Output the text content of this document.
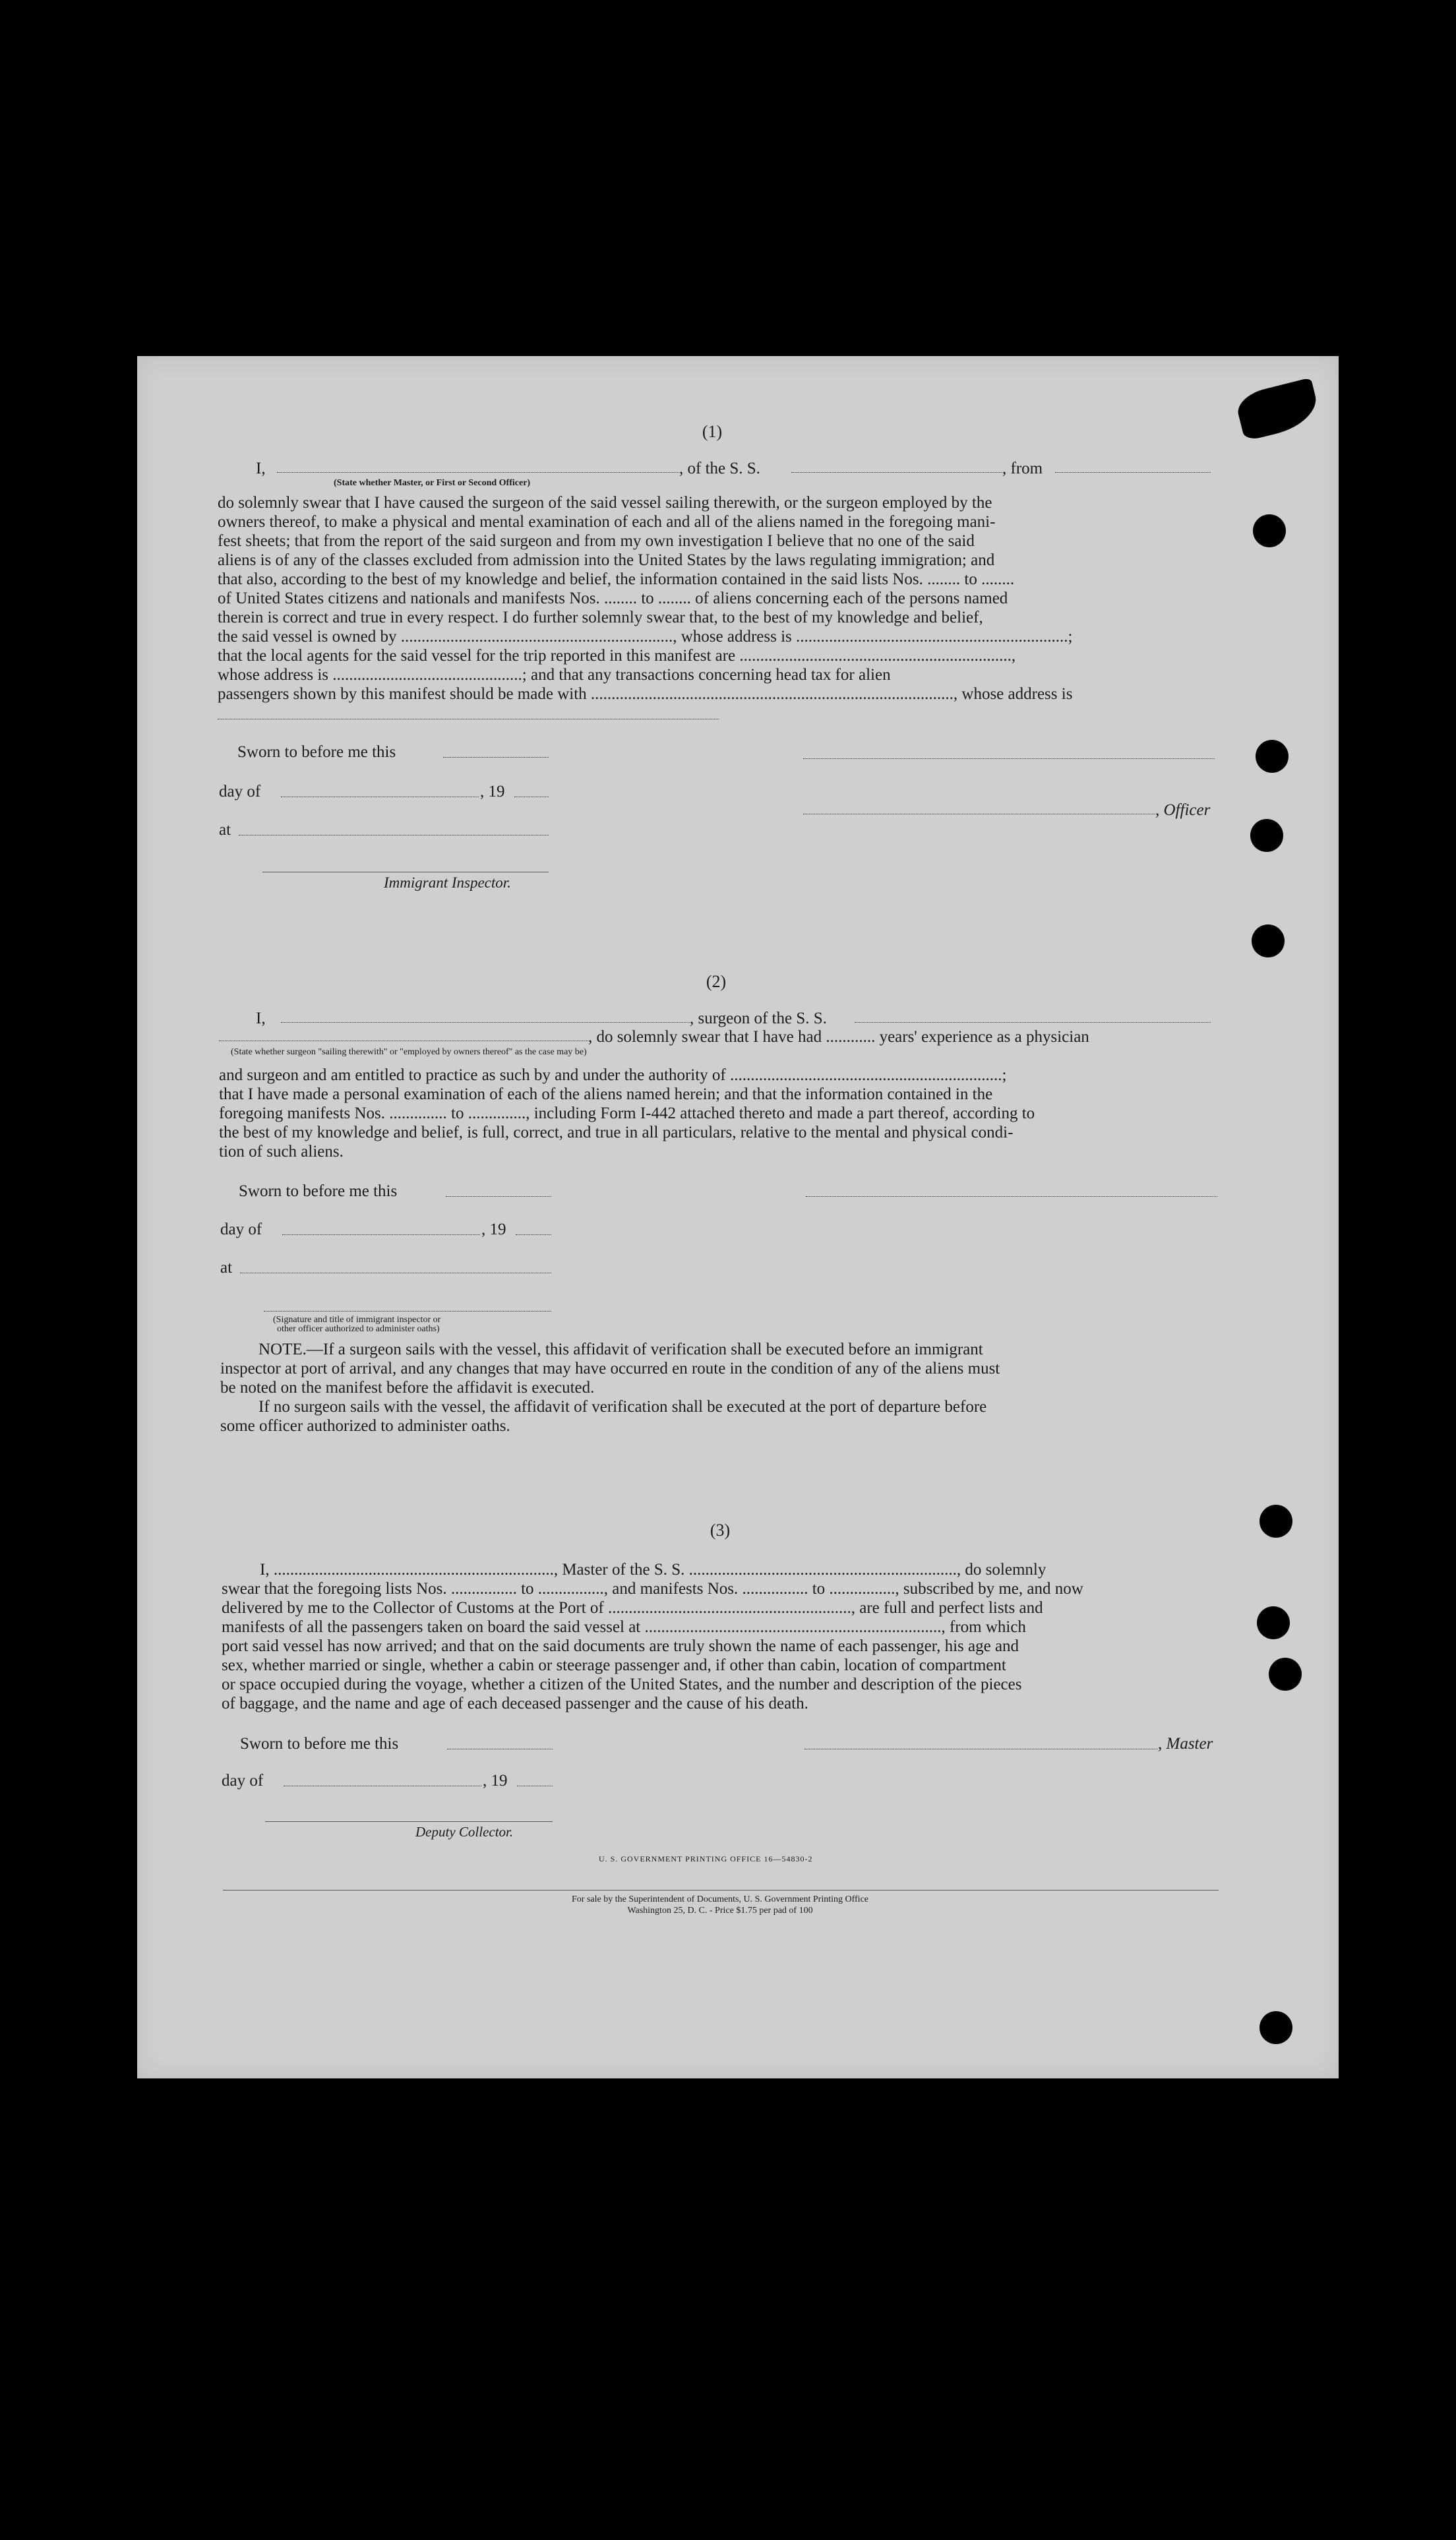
(1)
I,	, of the S. S.	, from
(State whether Master, or First or Second Officer)
do solemnly swear that I have caused the surgeon of the said vessel sailing therewith, or the surgeon employed by the
owners thereof, to make a physical and mental examination of each and all of the aliens named in the foregoing mani-
fest sheets; that from the report of the said surgeon and from my own investigation I believe that no one of the said
aliens is of any of the classes excluded from admission into the United States by the laws regulating immigration; and
that also, according to the best of my knowledge and belief, the information contained in the said lists Nos. ........ to ........
of United States citizens and nationals and manifests Nos. ........ to ........ of aliens concerning each of the persons named
therein is correct and true in every respect. I do further solemnly swear that, to the best of my knowledge and belief,
the said vessel is owned by .................................................................., whose address is ..................................................................;
that the local agents for the said vessel for the trip reported in this manifest are ..................................................................,
whose address is ..............................................; and that any transactions concerning head tax for alien
passengers shown by this manifest should be made with ........................................................................................, whose address is
Sworn to before me this
day of	, 19
, Officer
at
Immigrant Inspector.
(2)
I,	, surgeon of the S. S.
, do solemnly swear that I have had ............ years' experience as a physician
(State whether surgeon "sailing therewith" or "employed by owners thereof" as the case may be)
and surgeon and am entitled to practice as such by and under the authority of ..................................................................;
that I have made a personal examination of each of the aliens named herein; and that the information contained in the
foregoing manifests Nos. .............. to .............., including Form I-442 attached thereto and made a part thereof, according to
the best of my knowledge and belief, is full, correct, and true in all particulars, relative to the mental and physical condi-
tion of such aliens.
Sworn to before me this
day of	, 19
at
(Signature and title of immigrant inspector or
other officer authorized to administer oaths)
NOTE.—If a surgeon sails with the vessel, this affidavit of verification shall be executed before an immigrant
inspector at port of arrival, and any changes that may have occurred en route in the condition of any of the aliens must
be noted on the manifest before the affidavit is executed.
If no surgeon sails with the vessel, the affidavit of verification shall be executed at the port of departure before
some officer authorized to administer oaths.
(3)
I, ...................................................................., Master of the S. S. ................................................................., do solemnly
swear that the foregoing lists Nos. ................ to ................, and manifests Nos. ................ to ................, subscribed by me, and now
delivered by me to the Collector of Customs at the Port of ..........................................................., are full and perfect lists and
manifests of all the passengers taken on board the said vessel at ........................................................................, from which
port said vessel has now arrived; and that on the said documents are truly shown the name of each passenger, his age and
sex, whether married or single, whether a cabin or steerage passenger and, if other than cabin, location of compartment
or space occupied during the voyage, whether a citizen of the United States, and the number and description of the pieces
of baggage, and the name and age of each deceased passenger and the cause of his death.
Sworn to before me this	, Master
day of	, 19
Deputy Collector.
U. S. GOVERNMENT PRINTING OFFICE 16—54830-2
For sale by the Superintendent of Documents, U. S. Government Printing Office
Washington 25, D. C. - Price $1.75 per pad of 100
